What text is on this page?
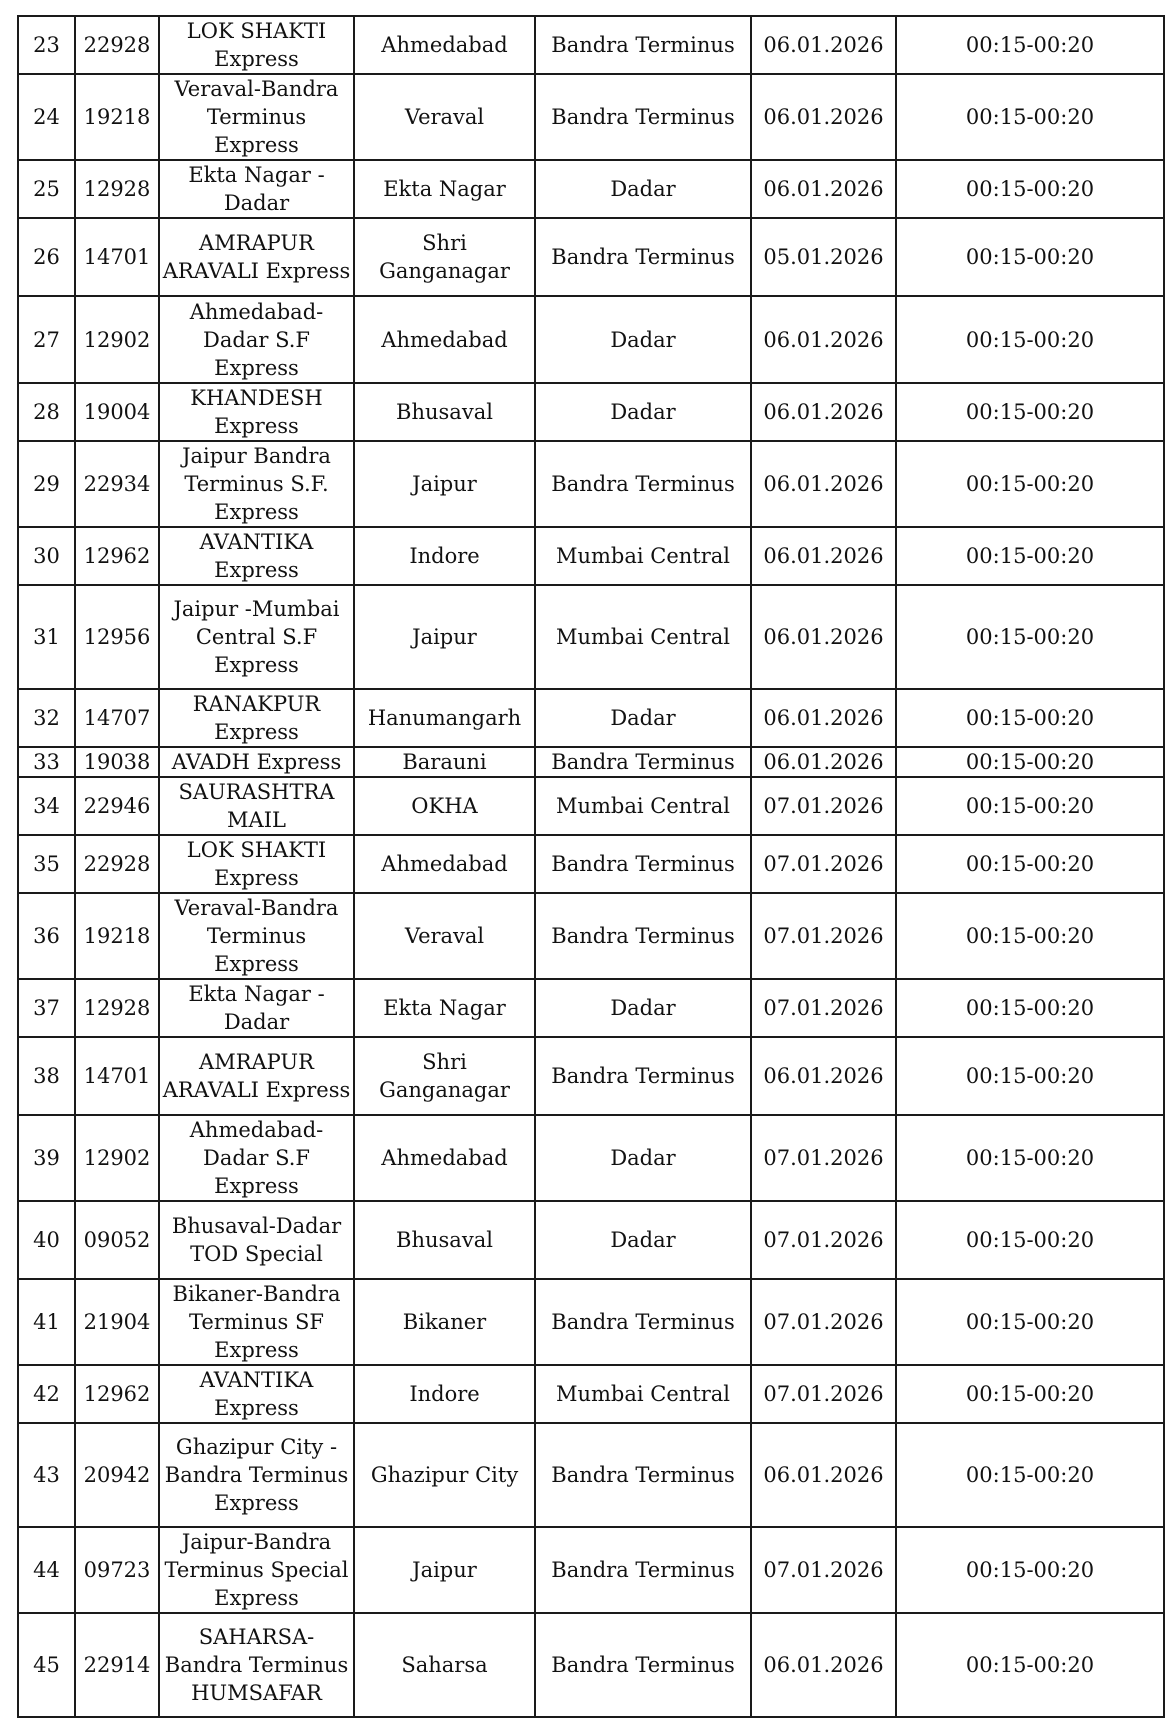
23	22928	LOK SHAKTI
Express	Ahmedabad	Bandra Terminus	06.01.2026	00:15-00:20
24	19218	Veraval-Bandra
Terminus
Express	Veraval	Bandra Terminus	06.01.2026	00:15-00:20
25	12928	Ekta Nagar -
Dadar	Ekta Nagar	Dadar	06.01.2026	00:15-00:20
26	14701	AMRAPUR
ARAVALI Express	Shri
Ganganagar	Bandra Terminus	05.01.2026	00:15-00:20
27	12902	Ahmedabad-
Dadar S.F
Express	Ahmedabad	Dadar	06.01.2026	00:15-00:20
28	19004	KHANDESH
Express	Bhusaval	Dadar	06.01.2026	00:15-00:20
29	22934	Jaipur Bandra
Terminus S.F.
Express	Jaipur	Bandra Terminus	06.01.2026	00:15-00:20
30	12962	AVANTIKA
Express	Indore	Mumbai Central	06.01.2026	00:15-00:20
31	12956	Jaipur -Mumbai
Central S.F
Express	Jaipur	Mumbai Central	06.01.2026	00:15-00:20
32	14707	RANAKPUR
Express	Hanumangarh	Dadar	06.01.2026	00:15-00:20
33	19038	AVADH Express	Barauni	Bandra Terminus	06.01.2026	00:15-00:20
34	22946	SAURASHTRA
MAIL	OKHA	Mumbai Central	07.01.2026	00:15-00:20
35	22928	LOK SHAKTI
Express	Ahmedabad	Bandra Terminus	07.01.2026	00:15-00:20
36	19218	Veraval-Bandra
Terminus
Express	Veraval	Bandra Terminus	07.01.2026	00:15-00:20
37	12928	Ekta Nagar -
Dadar	Ekta Nagar	Dadar	07.01.2026	00:15-00:20
38	14701	AMRAPUR
ARAVALI Express	Shri
Ganganagar	Bandra Terminus	06.01.2026	00:15-00:20
39	12902	Ahmedabad-
Dadar S.F
Express	Ahmedabad	Dadar	07.01.2026	00:15-00:20
40	09052	Bhusaval-Dadar
TOD Special	Bhusaval	Dadar	07.01.2026	00:15-00:20
41	21904	Bikaner-Bandra
Terminus SF
Express	Bikaner	Bandra Terminus	07.01.2026	00:15-00:20
42	12962	AVANTIKA
Express	Indore	Mumbai Central	07.01.2026	00:15-00:20
43	20942	Ghazipur City -
Bandra Terminus
Express	Ghazipur City	Bandra Terminus	06.01.2026	00:15-00:20
44	09723	Jaipur-Bandra
Terminus Special
Express	Jaipur	Bandra Terminus	07.01.2026	00:15-00:20
45	22914	SAHARSA-
Bandra Terminus
HUMSAFAR	Saharsa	Bandra Terminus	06.01.2026	00:15-00:20
